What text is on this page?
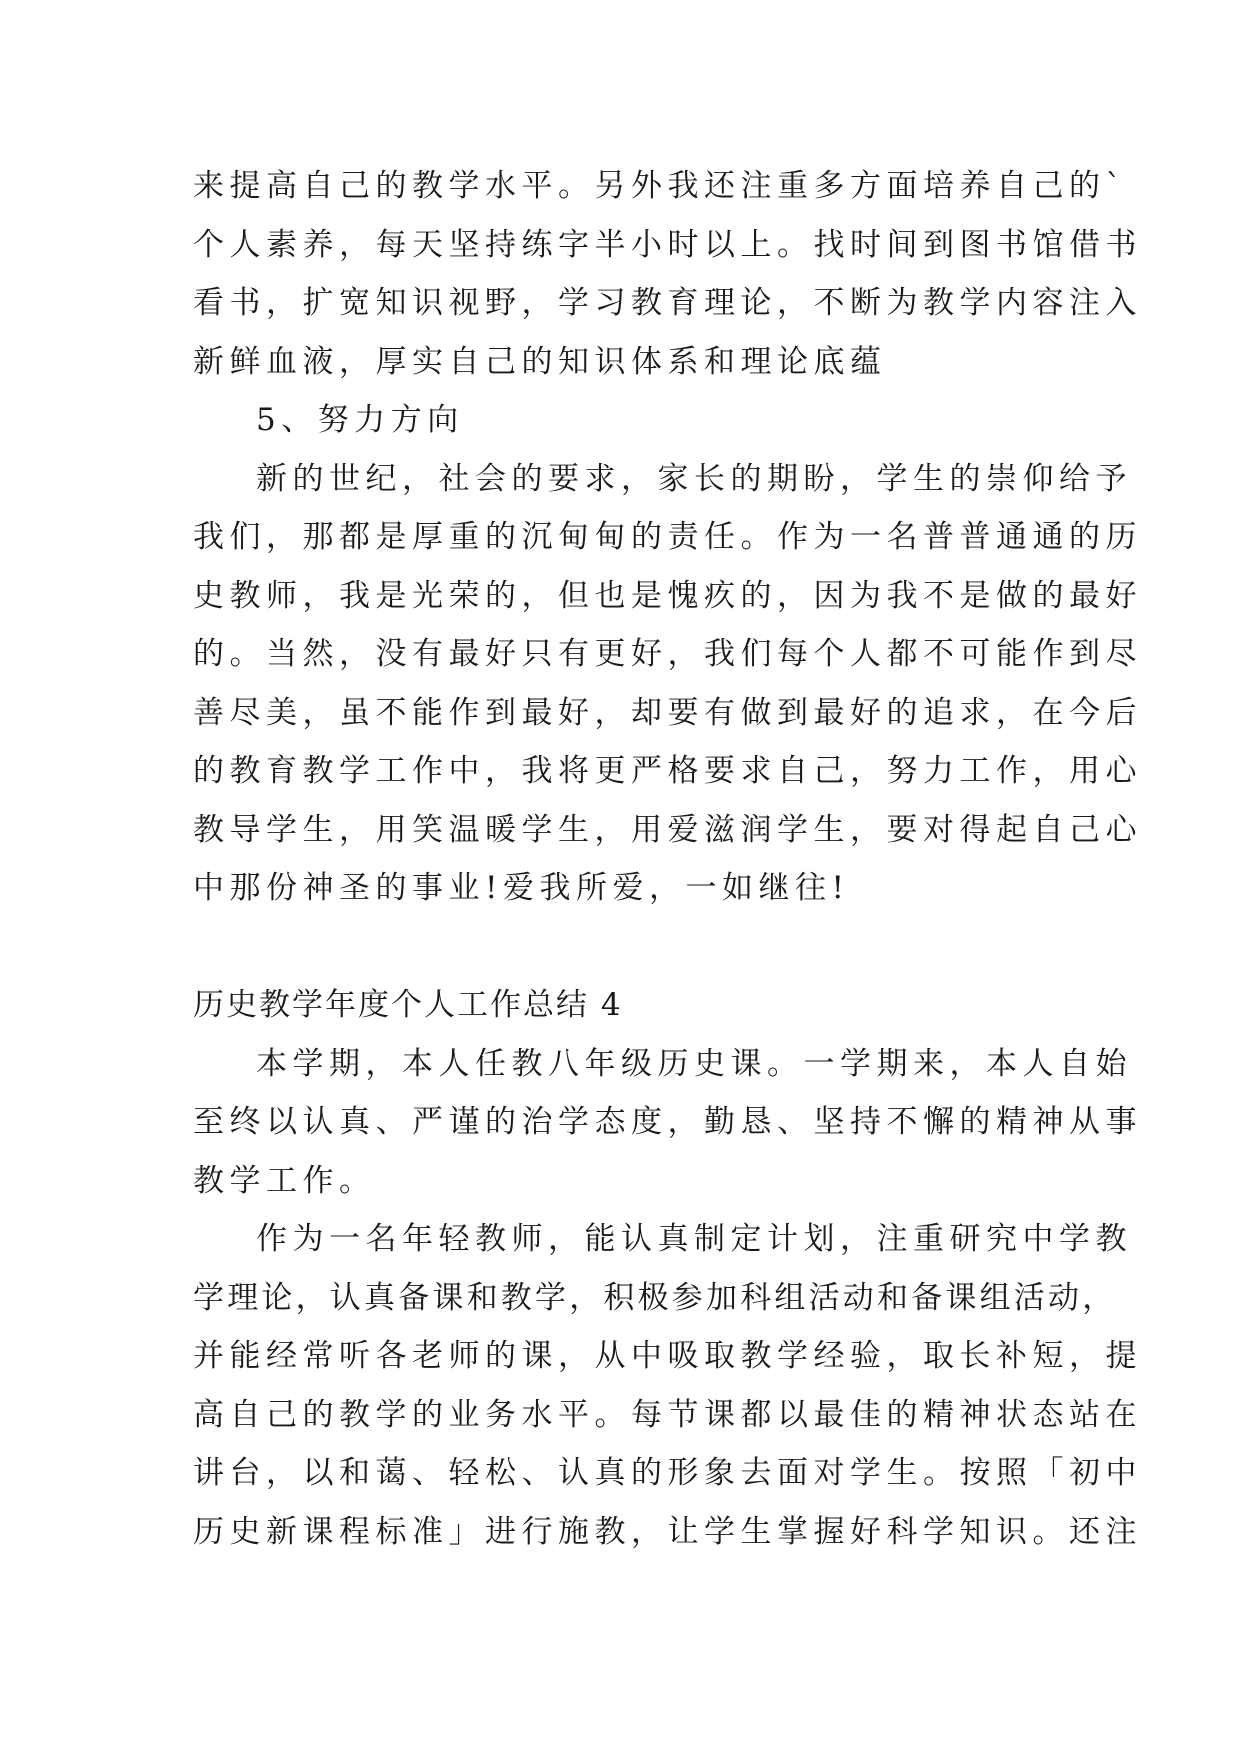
来提高自己的教学水平。另外我还注重多方面培养自己的`
个人素养，每天坚持练字半小时以上。找时间到图书馆借书
看书，扩宽知识视野，学习教育理论，不断为教学内容注入
新鲜血液，厚实自己的知识体系和理论底蕴
5、努力方向
新的世纪，社会的要求，家长的期盼，学生的崇仰给予
我们，那都是厚重的沉甸甸的责任。作为一名普普通通的历
史教师，我是光荣的，但也是愧疚的，因为我不是做的最好
的。当然，没有最好只有更好，我们每个人都不可能作到尽
善尽美，虽不能作到最好，却要有做到最好的追求，在今后
的教育教学工作中，我将更严格要求自己，努力工作，用心
教导学生，用笑温暖学生，用爱滋润学生，要对得起自己心
中那份神圣的事业!爱我所爱，一如继往!
历史教学年度个人工作总结 4
本学期，本人任教八年级历史课。一学期来，本人自始
至终以认真、严谨的治学态度，勤恳、坚持不懈的精神从事
教学工作。
作为一名年轻教师，能认真制定计划，注重研究中学教
学理论，认真备课和教学，积极参加科组活动和备课组活动，
并能经常听各老师的课，从中吸取教学经验，取长补短，提
高自己的教学的业务水平。每节课都以最佳的精神状态站在
讲台，以和蔼、轻松、认真的形象去面对学生。按照「初中
历史新课程标准」进行施教，让学生掌握好科学知识。还注
